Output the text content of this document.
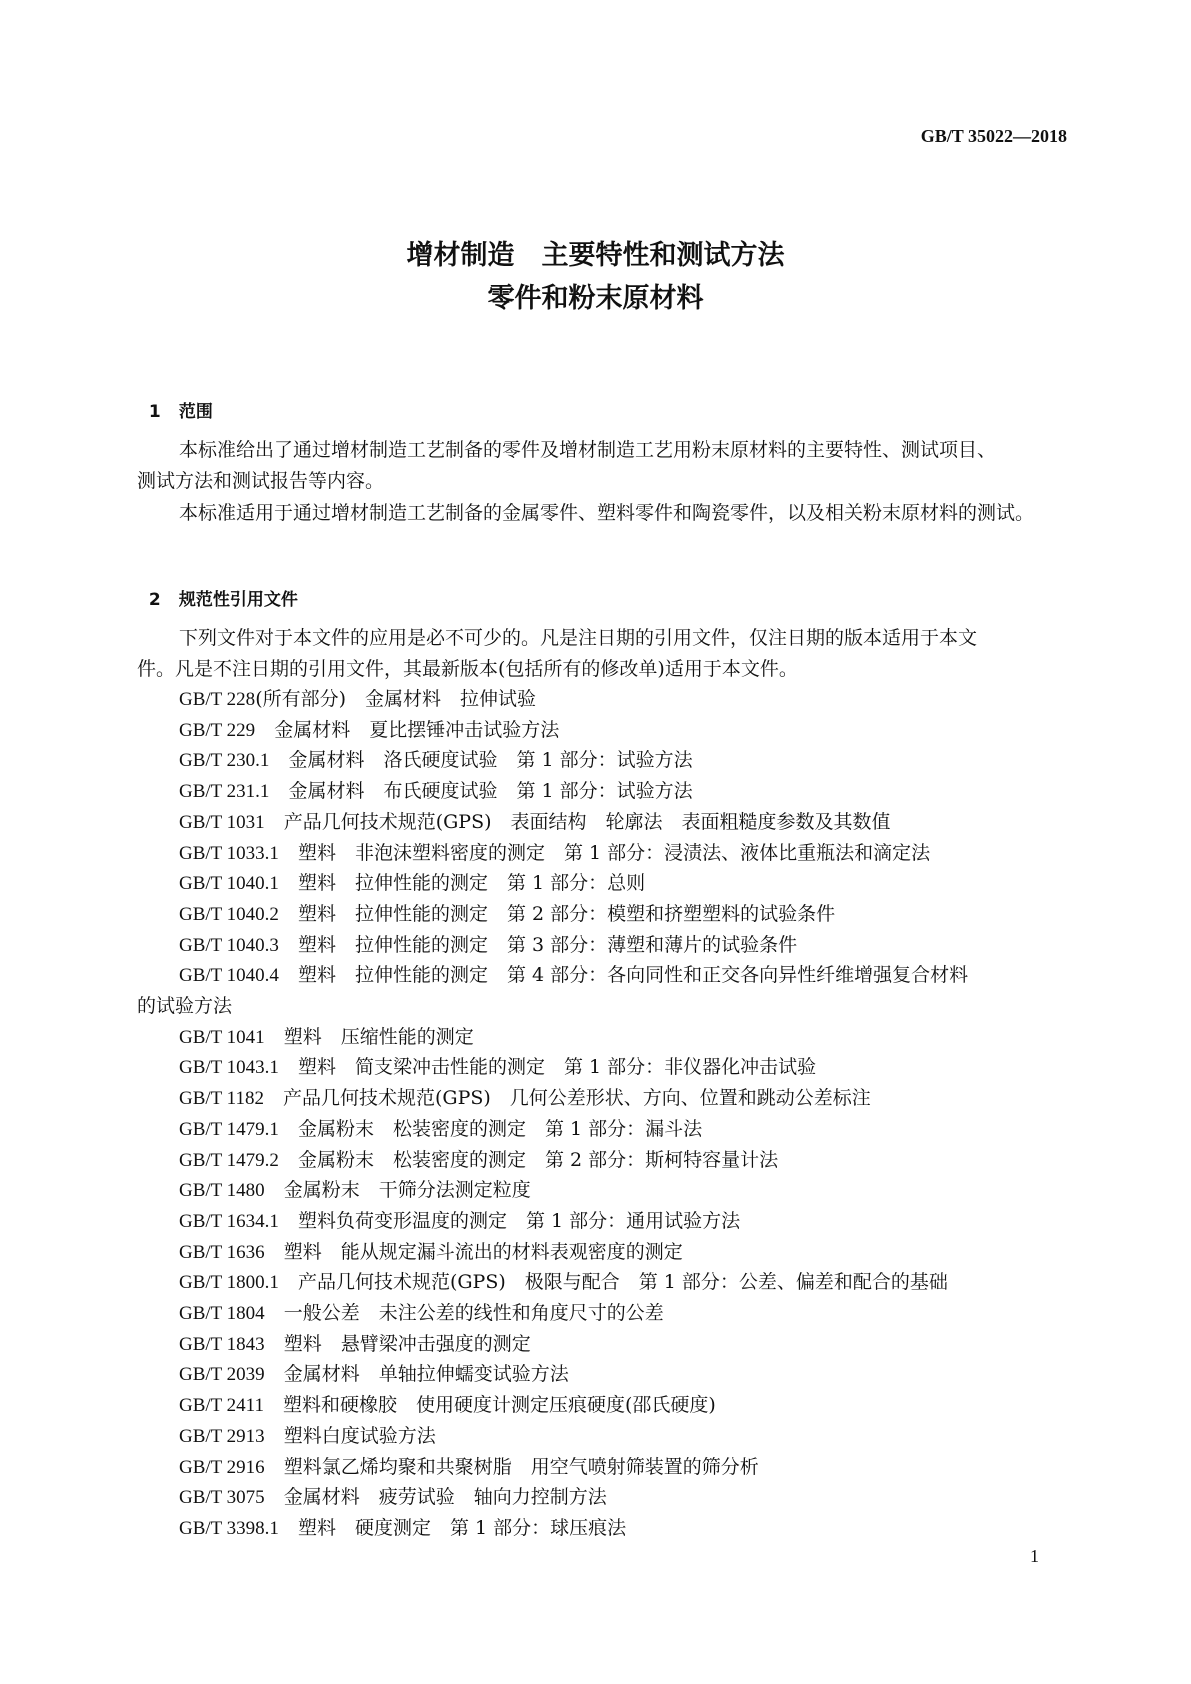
GB/T 35022—2018
增材制造　主要特性和测试方法
零件和粉末原材料

1 范围

本标准给出了通过增材制造工艺制备的零件及增材制造工艺用粉末原材料的主要特性、测试项目、
测试方法和测试报告等内容。
本标准适用于通过增材制造工艺制备的金属零件、塑料零件和陶瓷零件，以及相关粉末原材料的测试。

2 规范性引用文件

下列文件对于本文件的应用是必不可少的。凡是注日期的引用文件，仅注日期的版本适用于本文
件。凡是不注日期的引用文件，其最新版本(包括所有的修改单)适用于本文件。
GB/T 228(所有部分)　金属材料　拉伸试验
GB/T 229　金属材料　夏比摆锤冲击试验方法
GB/T 230.1　金属材料　洛氏硬度试验　第 1 部分：试验方法
GB/T 231.1　金属材料　布氏硬度试验　第 1 部分：试验方法
GB/T 1031　产品几何技术规范(GPS)　表面结构　轮廓法　表面粗糙度参数及其数值
GB/T 1033.1　塑料　非泡沫塑料密度的测定　第 1 部分：浸渍法、液体比重瓶法和滴定法
GB/T 1040.1　塑料　拉伸性能的测定　第 1 部分：总则
GB/T 1040.2　塑料　拉伸性能的测定　第 2 部分：模塑和挤塑塑料的试验条件
GB/T 1040.3　塑料　拉伸性能的测定　第 3 部分：薄塑和薄片的试验条件
GB/T 1040.4　塑料　拉伸性能的测定　第 4 部分：各向同性和正交各向异性纤维增强复合材料
的试验方法
GB/T 1041　塑料　压缩性能的测定
GB/T 1043.1　塑料　简支梁冲击性能的测定　第 1 部分：非仪器化冲击试验
GB/T 1182　产品几何技术规范(GPS)　几何公差形状、方向、位置和跳动公差标注
GB/T 1479.1　金属粉末　松装密度的测定　第 1 部分：漏斗法
GB/T 1479.2　金属粉末　松装密度的测定　第 2 部分：斯柯特容量计法
GB/T 1480　金属粉末　干筛分法测定粒度
GB/T 1634.1　塑料负荷变形温度的测定　第 1 部分：通用试验方法
GB/T 1636　塑料　能从规定漏斗流出的材料表观密度的测定
GB/T 1800.1　产品几何技术规范(GPS)　极限与配合　第 1 部分：公差、偏差和配合的基础
GB/T 1804　一般公差　未注公差的线性和角度尺寸的公差
GB/T 1843　塑料　悬臂梁冲击强度的测定
GB/T 2039　金属材料　单轴拉伸蠕变试验方法
GB/T 2411　塑料和硬橡胶　使用硬度计测定压痕硬度(邵氏硬度)
GB/T 2913　塑料白度试验方法
GB/T 2916　塑料氯乙烯均聚和共聚树脂　用空气喷射筛装置的筛分析
GB/T 3075　金属材料　疲劳试验　轴向力控制方法
GB/T 3398.1　塑料　硬度测定　第 1 部分：球压痕法
1
